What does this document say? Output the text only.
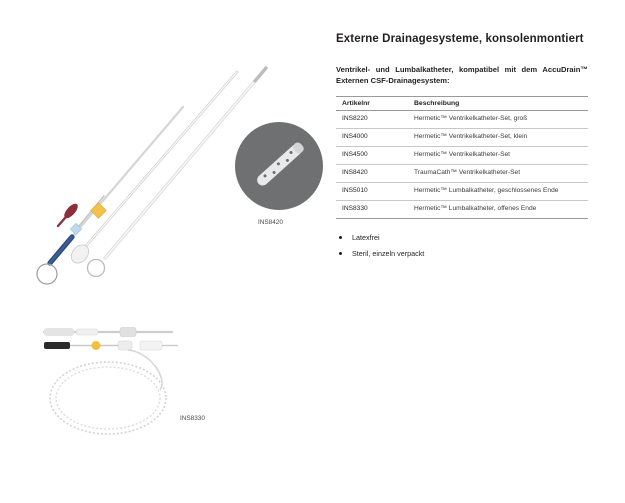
INS8420
INS8330
Externe Drainagesysteme, konsolenmontiert

Ventrikel- und Lumbalkatheter, kompatibel mit dem AccuDrain™ Externen CSF-Drainagesystem:

Artikelnr	Beschreibung
INS8220	Hermetic™ Ventrikelkatheter-Set, groß
INS4000	Hermetic™ Ventrikelkatheter-Set, klein
INS4500	Hermetic™ Ventrikelkatheter-Set
INS8420	TraumaCath™ Ventrikelkatheter-Set
INS5010	Hermetic™ Lumbalkatheter, geschlossenes Ende
INS8330	Hermetic™ Lumbalkatheter, offenes Ende
Latexfrei
Steril, einzeln verpackt
